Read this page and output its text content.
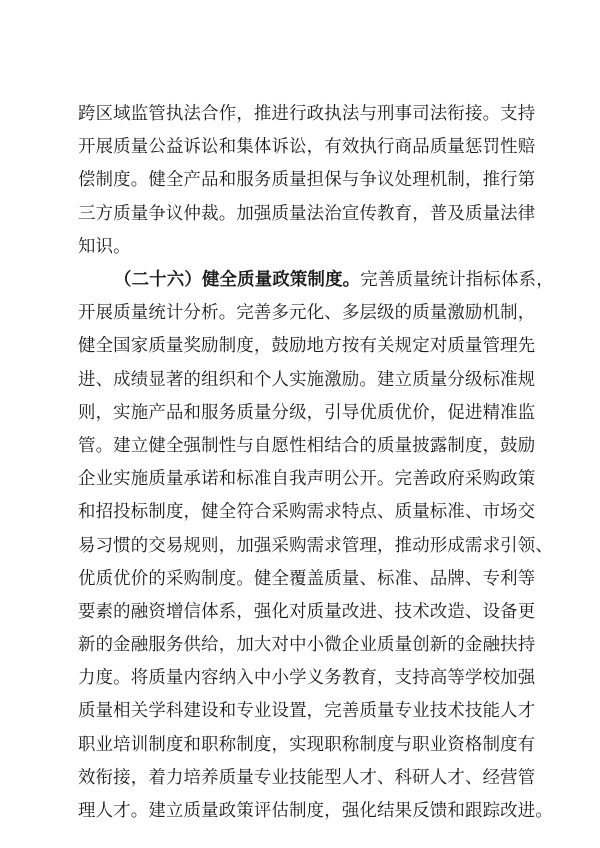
跨区域监管执法合作，推进行政执法与刑事司法衔接。支持
开展质量公益诉讼和集体诉讼，有效执行商品质量惩罚性赔
偿制度。健全产品和服务质量担保与争议处理机制，推行第
三方质量争议仲裁。加强质量法治宣传教育，普及质量法律
知识。
（二十六）健全质量政策制度。完善质量统计指标体系，
开展质量统计分析。完善多元化、多层级的质量激励机制，
健全国家质量奖励制度，鼓励地方按有关规定对质量管理先
进、成绩显著的组织和个人实施激励。建立质量分级标准规
则，实施产品和服务质量分级，引导优质优价，促进精准监
管。建立健全强制性与自愿性相结合的质量披露制度，鼓励
企业实施质量承诺和标准自我声明公开。完善政府采购政策
和招投标制度，健全符合采购需求特点、质量标准、市场交
易习惯的交易规则，加强采购需求管理，推动形成需求引领、
优质优价的采购制度。健全覆盖质量、标准、品牌、专利等
要素的融资增信体系，强化对质量改进、技术改造、设备更
新的金融服务供给，加大对中小微企业质量创新的金融扶持
力度。将质量内容纳入中小学义务教育，支持高等学校加强
质量相关学科建设和专业设置，完善质量专业技术技能人才
职业培训制度和职称制度，实现职称制度与职业资格制度有
效衔接，着力培养质量专业技能型人才、科研人才、经营管
理人才。建立质量政策评估制度，强化结果反馈和跟踪改进。
